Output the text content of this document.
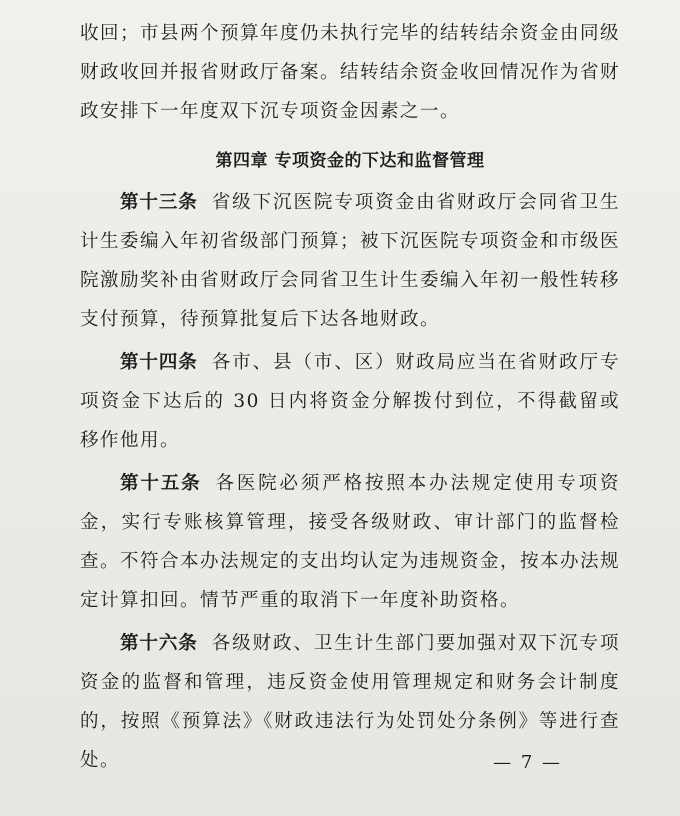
收回；市县两个预算年度仍未执行完毕的结转结余资金由同级财政收回并报省财政厅备案。结转结余资金收回情况作为省财政安排下一年度双下沉专项资金因素之一。

第四章 专项资金的下达和监督管理

第十三条 省级下沉医院专项资金由省财政厅会同省卫生计生委编入年初省级部门预算；被下沉医院专项资金和市级医院激励奖补由省财政厅会同省卫生计生委编入年初一般性转移支付预算，待预算批复后下达各地财政。

第十四条 各市、县（市、区）财政局应当在省财政厅专项资金下达后的 30 日内将资金分解拨付到位，不得截留或移作他用。

第十五条 各医院必须严格按照本办法规定使用专项资金，实行专账核算管理，接受各级财政、审计部门的监督检查。不符合本办法规定的支出均认定为违规资金，按本办法规定计算扣回。情节严重的取消下一年度补助资格。

第十六条 各级财政、卫生计生部门要加强对双下沉专项资金的监督和管理，违反资金使用管理规定和财务会计制度的，按照《预算法》《财政违法行为处罚处分条例》等进行查处。	— 7 —
